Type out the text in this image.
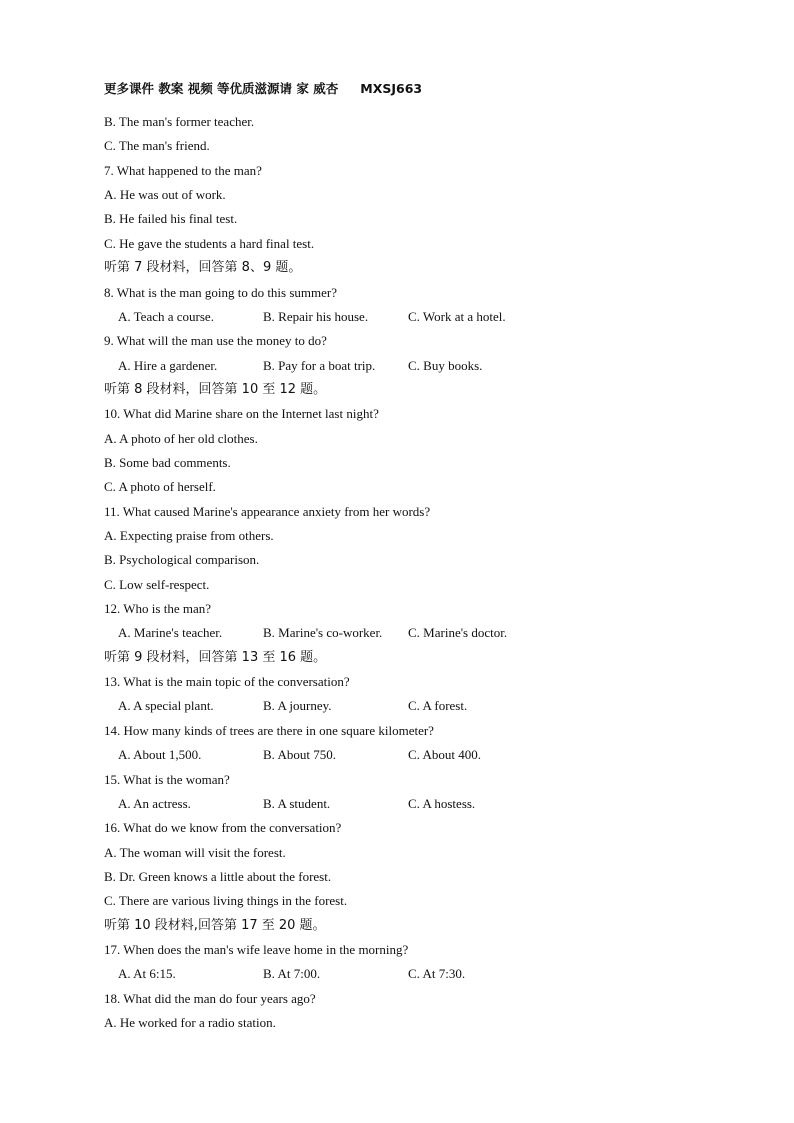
更多课件 教案 视频 等优质滋源请 家 威杏 MXSJ663
B. The man's former teacher.
C. The man's friend.
7. What happened to the man?
A. He was out of work.
B. He failed his final test.
C. He gave the students a hard final test.
听第 7 段材料，回答第 8、9 题。
8. What is the man going to do this summer?
A. Teach a course.	B. Repair his house.	C. Work at a hotel.
9. What will the man use the money to do?
A. Hire a gardener.	B. Pay for a boat trip.	C. Buy books.
听第 8 段材料，回答第 10 至 12 题。
10. What did Marine share on the Internet last night?
A. A photo of her old clothes.
B. Some bad comments.
C. A photo of herself.
11. What caused Marine's appearance anxiety from her words?
A. Expecting praise from others.
B. Psychological comparison.
C. Low self-respect.
12. Who is the man?
A. Marine's teacher.	B. Marine's co-worker. C. Marine's doctor.
听第 9 段材料，回答第 13 至 16 题。
13. What is the main topic of the conversation?
A. A special plant.	B. A journey.	C. A forest.
14. How many kinds of trees are there in one square kilometer?
A. About 1,500.	B. About 750.	C. About 400.
15. What is the woman?
A. An actress.	B. A student.	C. A hostess.
16. What do we know from the conversation?
A. The woman will visit the forest.
B. Dr. Green knows a little about the forest.
C. There are various living things in the forest.
听第 10 段材料,回答第 17 至 20 题。
17. When does the man's wife leave home in the morning?
A. At 6:15.	B. At 7:00.	C. At 7:30.
18. What did the man do four years ago?
A. He worked for a radio station.
